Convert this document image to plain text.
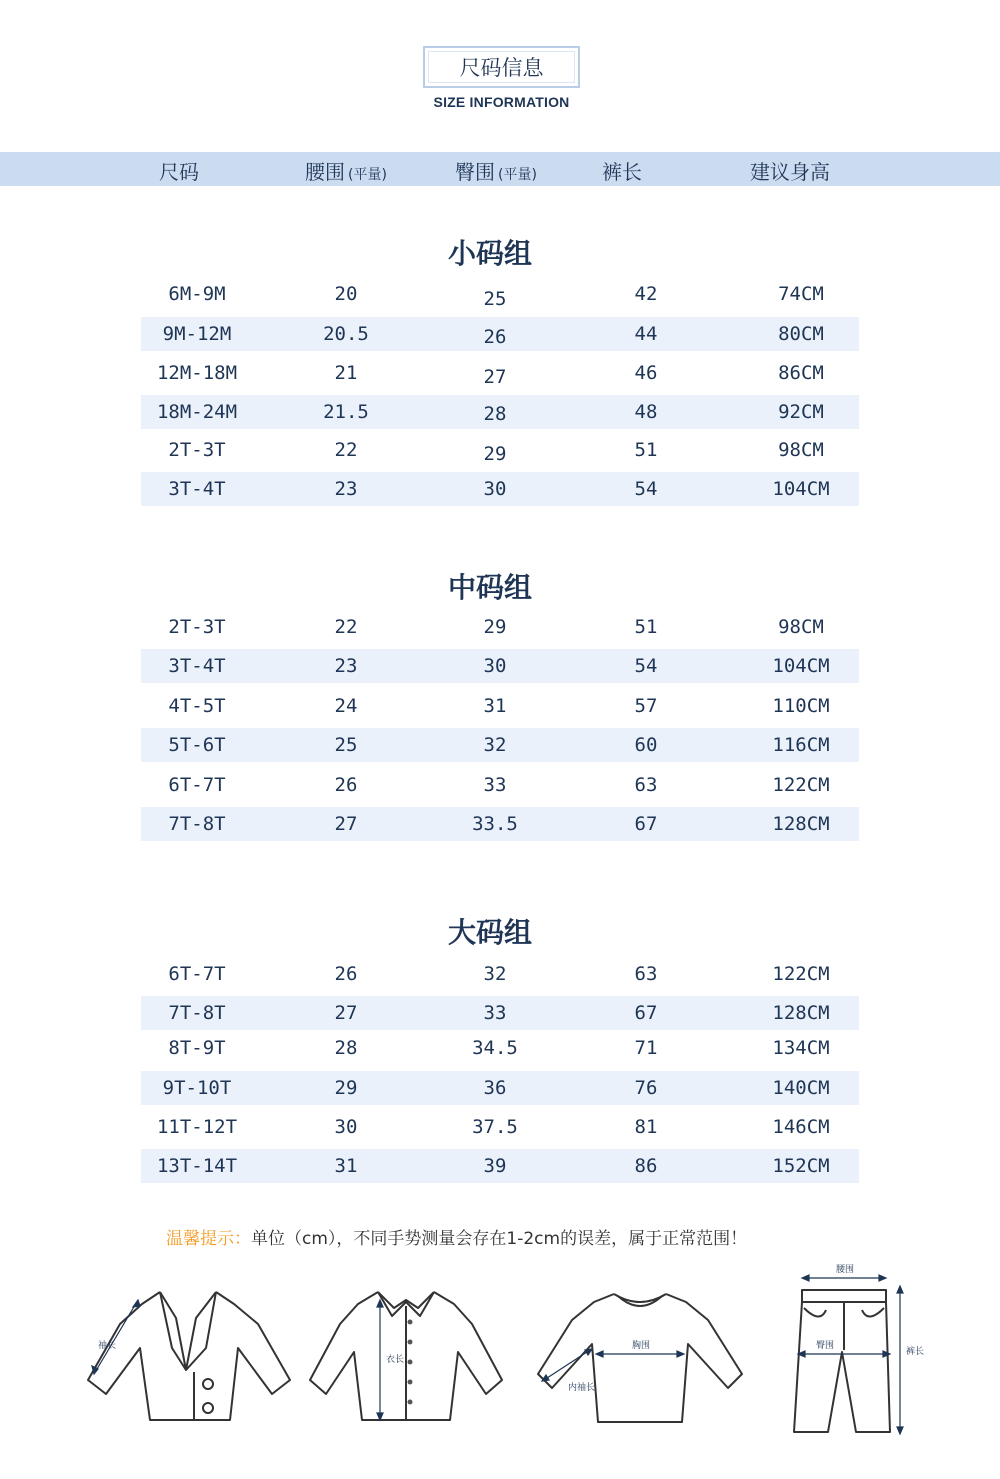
尺码信息
SIZE INFORMATION
尺码	腰围 (平量)	臀围 (平量)	裤长	建议身高
小码组
6M-9M	20	25	42	74CM
9M-12M	20.5	26	44	80CM
12M-18M	21	27	46	86CM
18M-24M	21.5	28	48	92CM
2T-3T	22	29	51	98CM
3T-4T	23	30	54	104CM
中码组
2T-3T	22	29	51	98CM
3T-4T	23	30	54	104CM
4T-5T	24	31	57	110CM
5T-6T	25	32	60	116CM
6T-7T	26	33	63	122CM
7T-8T	27	33.5	67	128CM
大码组
6T-7T	26	32	63	122CM
7T-8T	27	33	67	128CM
8T-9T	28	34.5	71	134CM
9T-10T	29	36	76	140CM
11T-12T	30	37.5	81	146CM
13T-14T	31	39	86	152CM
温馨提示：单位（cm），不同手势测量会存在1-2cm的误差，属于正常范围！
袖长
衣长
胸围
内袖长
腰围
臀围
裤长
